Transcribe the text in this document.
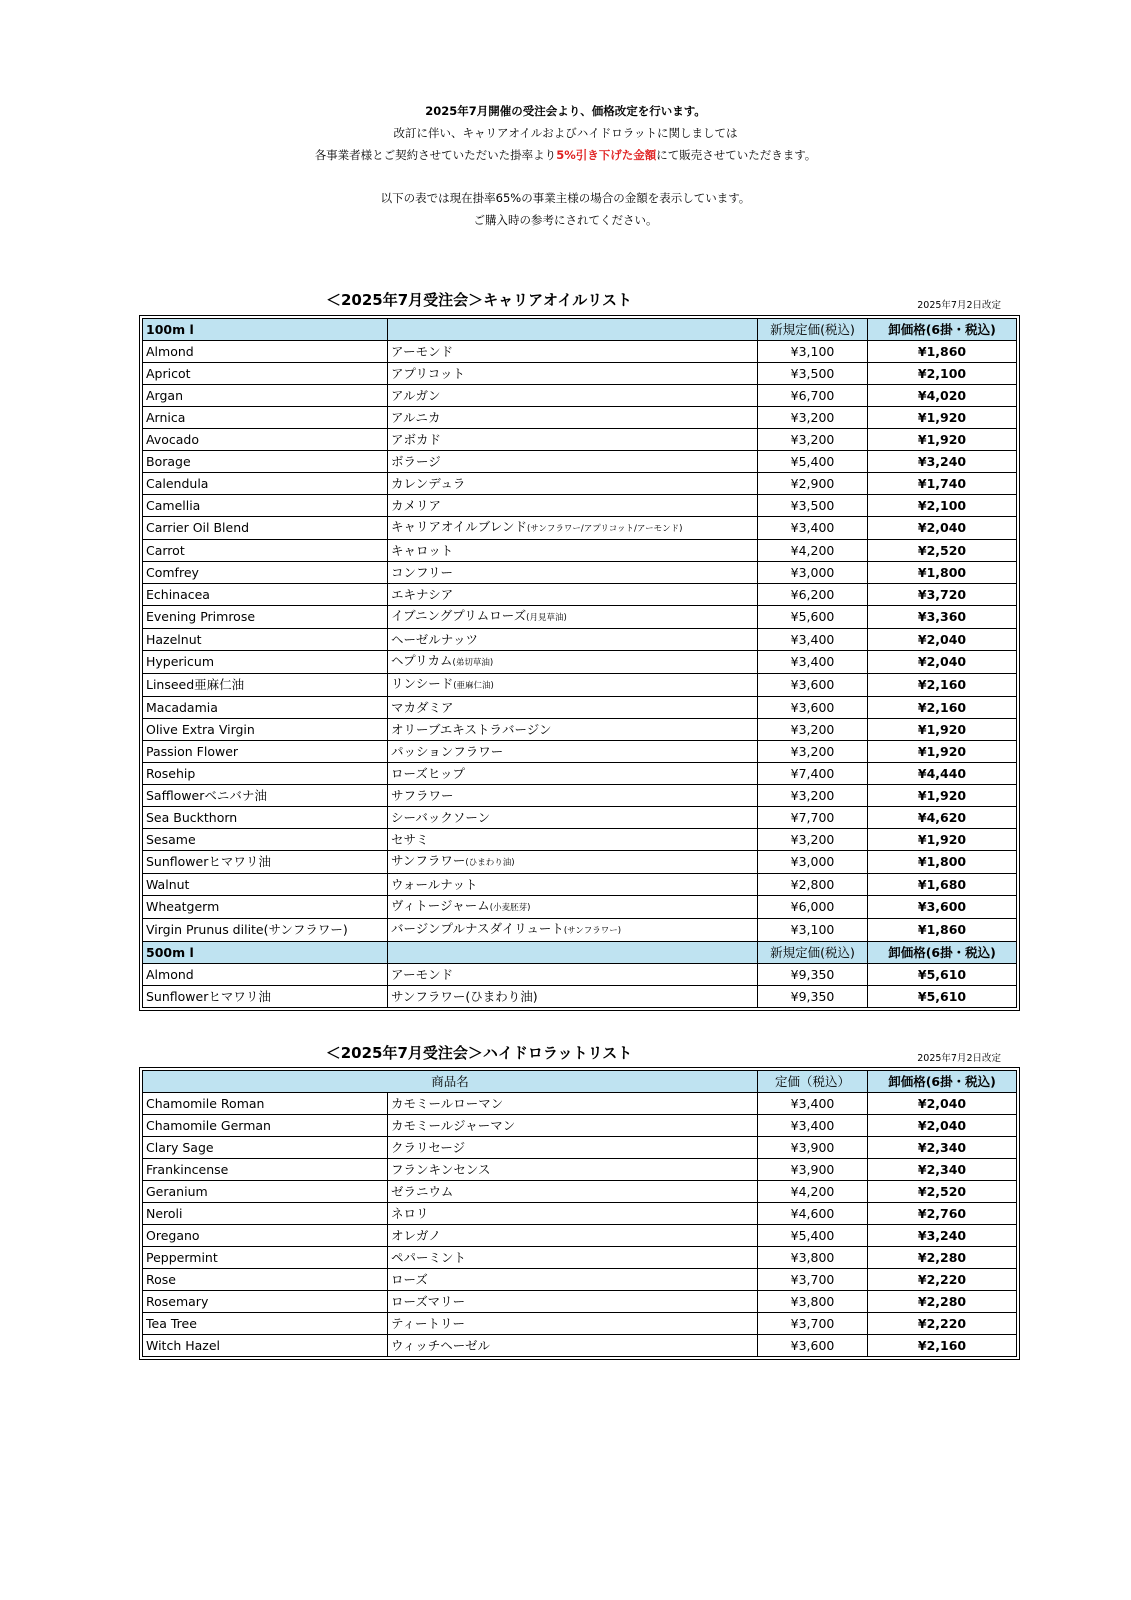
2025年7月開催の受注会より、価格改定を行います。
改訂に伴い、キャリアオイルおよびハイドロラットに関しましては
各事業者様とご契約させていただいた掛率より5%引き下げた金額にて販売させていただきます。
以下の表では現在掛率65%の事業主様の場合の金額を表示しています。
ご購入時の参考にされてください。
＜2025年7月受注会＞キャリアオイルリスト	2025年7月2日改定
100m l		新規定価(税込)	卸価格(6掛・税込)
Almond	アーモンド	¥3,100	¥1,860
Apricot	アプリコット	¥3,500	¥2,100
Argan	アルガン	¥6,700	¥4,020
Arnica	アルニカ	¥3,200	¥1,920
Avocado	アボカド	¥3,200	¥1,920
Borage	ボラージ	¥5,400	¥3,240
Calendula	カレンデュラ	¥2,900	¥1,740
Camellia	カメリア	¥3,500	¥2,100
Carrier Oil Blend	キャリアオイルブレンド(サンフラワー/アプリコット/アーモンド)	¥3,400	¥2,040
Carrot	キャロット	¥4,200	¥2,520
Comfrey	コンフリー	¥3,000	¥1,800
Echinacea	エキナシア	¥6,200	¥3,720
Evening Primrose	イブニングプリムローズ(月見草油)	¥5,600	¥3,360
Hazelnut	ヘーゼルナッツ	¥3,400	¥2,040
Hypericum	ヘプリカム(弟切草油)	¥3,400	¥2,040
Linseed亜麻仁油	リンシード(亜麻仁油)	¥3,600	¥2,160
Macadamia	マカダミア	¥3,600	¥2,160
Olive Extra Virgin	オリーブエキストラバージン	¥3,200	¥1,920
Passion Flower	パッションフラワー	¥3,200	¥1,920
Rosehip	ローズヒップ	¥7,400	¥4,440
Safflowerベニバナ油	サフラワー	¥3,200	¥1,920
Sea Buckthorn	シーバックソーン	¥7,700	¥4,620
Sesame	セサミ	¥3,200	¥1,920
Sunflowerヒマワリ油	サンフラワー(ひまわり油)	¥3,000	¥1,800
Walnut	ウォールナット	¥2,800	¥1,680
Wheatgerm	ヴィトージャーム(小麦胚芽)	¥6,000	¥3,600
Virgin Prunus dilite(サンフラワー)	バージンプルナスダイリュート(サンフラワー)	¥3,100	¥1,860
500m l		新規定価(税込)	卸価格(6掛・税込)
Almond	アーモンド	¥9,350	¥5,610
Sunflowerヒマワリ油	サンフラワー(ひまわり油)	¥9,350	¥5,610
＜2025年7月受注会＞ハイドロラットリスト	2025年7月2日改定
商品名		定価（税込）	卸価格(6掛・税込)
Chamomile Roman	カモミールローマン	¥3,400	¥2,040
Chamomile German	カモミールジャーマン	¥3,400	¥2,040
Clary Sage	クラリセージ	¥3,900	¥2,340
Frankincense	フランキンセンス	¥3,900	¥2,340
Geranium	ゼラニウム	¥4,200	¥2,520
Neroli	ネロリ	¥4,600	¥2,760
Oregano	オレガノ	¥5,400	¥3,240
Peppermint	ペパーミント	¥3,800	¥2,280
Rose	ローズ	¥3,700	¥2,220
Rosemary	ローズマリー	¥3,800	¥2,280
Tea Tree	ティートリー	¥3,700	¥2,220
Witch Hazel	ウィッチヘーゼル	¥3,600	¥2,160
